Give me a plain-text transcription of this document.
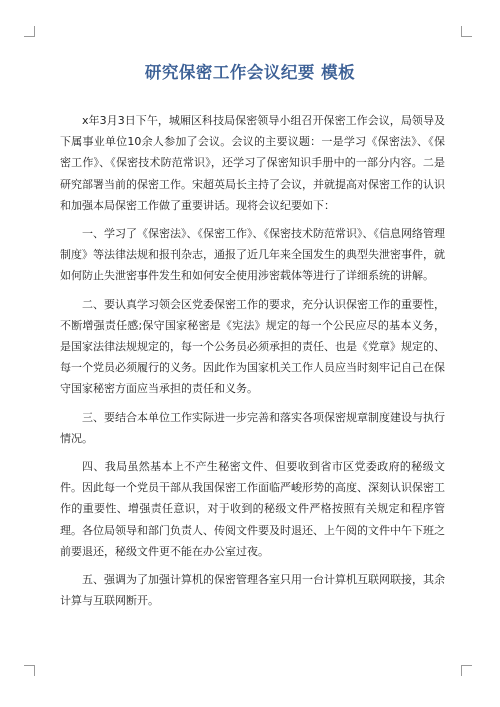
研究保密工作会议纪要 模板

x年3月3日下午，城厢区科技局保密领导小组召开保密工作会议，局领导及下属事业单位10余人参加了会议。会议的主要议题：一是学习《保密法》、《保密工作》、《保密技术防范常识》，还学习了保密知识手册中的一部分内容。二是研究部署当前的保密工作。宋超英局长主持了会议，并就提高对保密工作的认识和加强本局保密工作做了重要讲话。现将会议纪要如下：

一、学习了《保密法》、《保密工作》、《保密技术防范常识》、《信息网络管理制度》等法律法规和报刊杂志，通报了近几年来全国发生的典型失泄密事件，就如何防止失泄密事件发生和如何安全使用涉密载体等进行了详细系统的讲解。

二、要认真学习领会区党委保密工作的要求，充分认识保密工作的重要性，不断增强责任感;保守国家秘密是《宪法》规定的每一个公民应尽的基本义务，是国家法律法规规定的，每一个公务员必须承担的责任、也是《党章》规定的、每一个党员必须履行的义务。因此作为国家机关工作人员应当时刻牢记自己在保守国家秘密方面应当承担的责任和义务。

三、要结合本单位工作实际进一步完善和落实各项保密规章制度建设与执行情况。

四、我局虽然基本上不产生秘密文件、但要收到省市区党委政府的秘级文件。因此每一个党员干部从我国保密工作面临严峻形势的高度、深刻认识保密工作的重要性、增强责任意识，对于收到的秘级文件严格按照有关规定和程序管理。各位局领导和部门负责人、传阅文件要及时退还、上午阅的文件中午下班之前要退还，秘级文件更不能在办公室过夜。

五、强调为了加强计算机的保密管理各室只用一台计算机互联网联接，其余计算与互联网断开。
